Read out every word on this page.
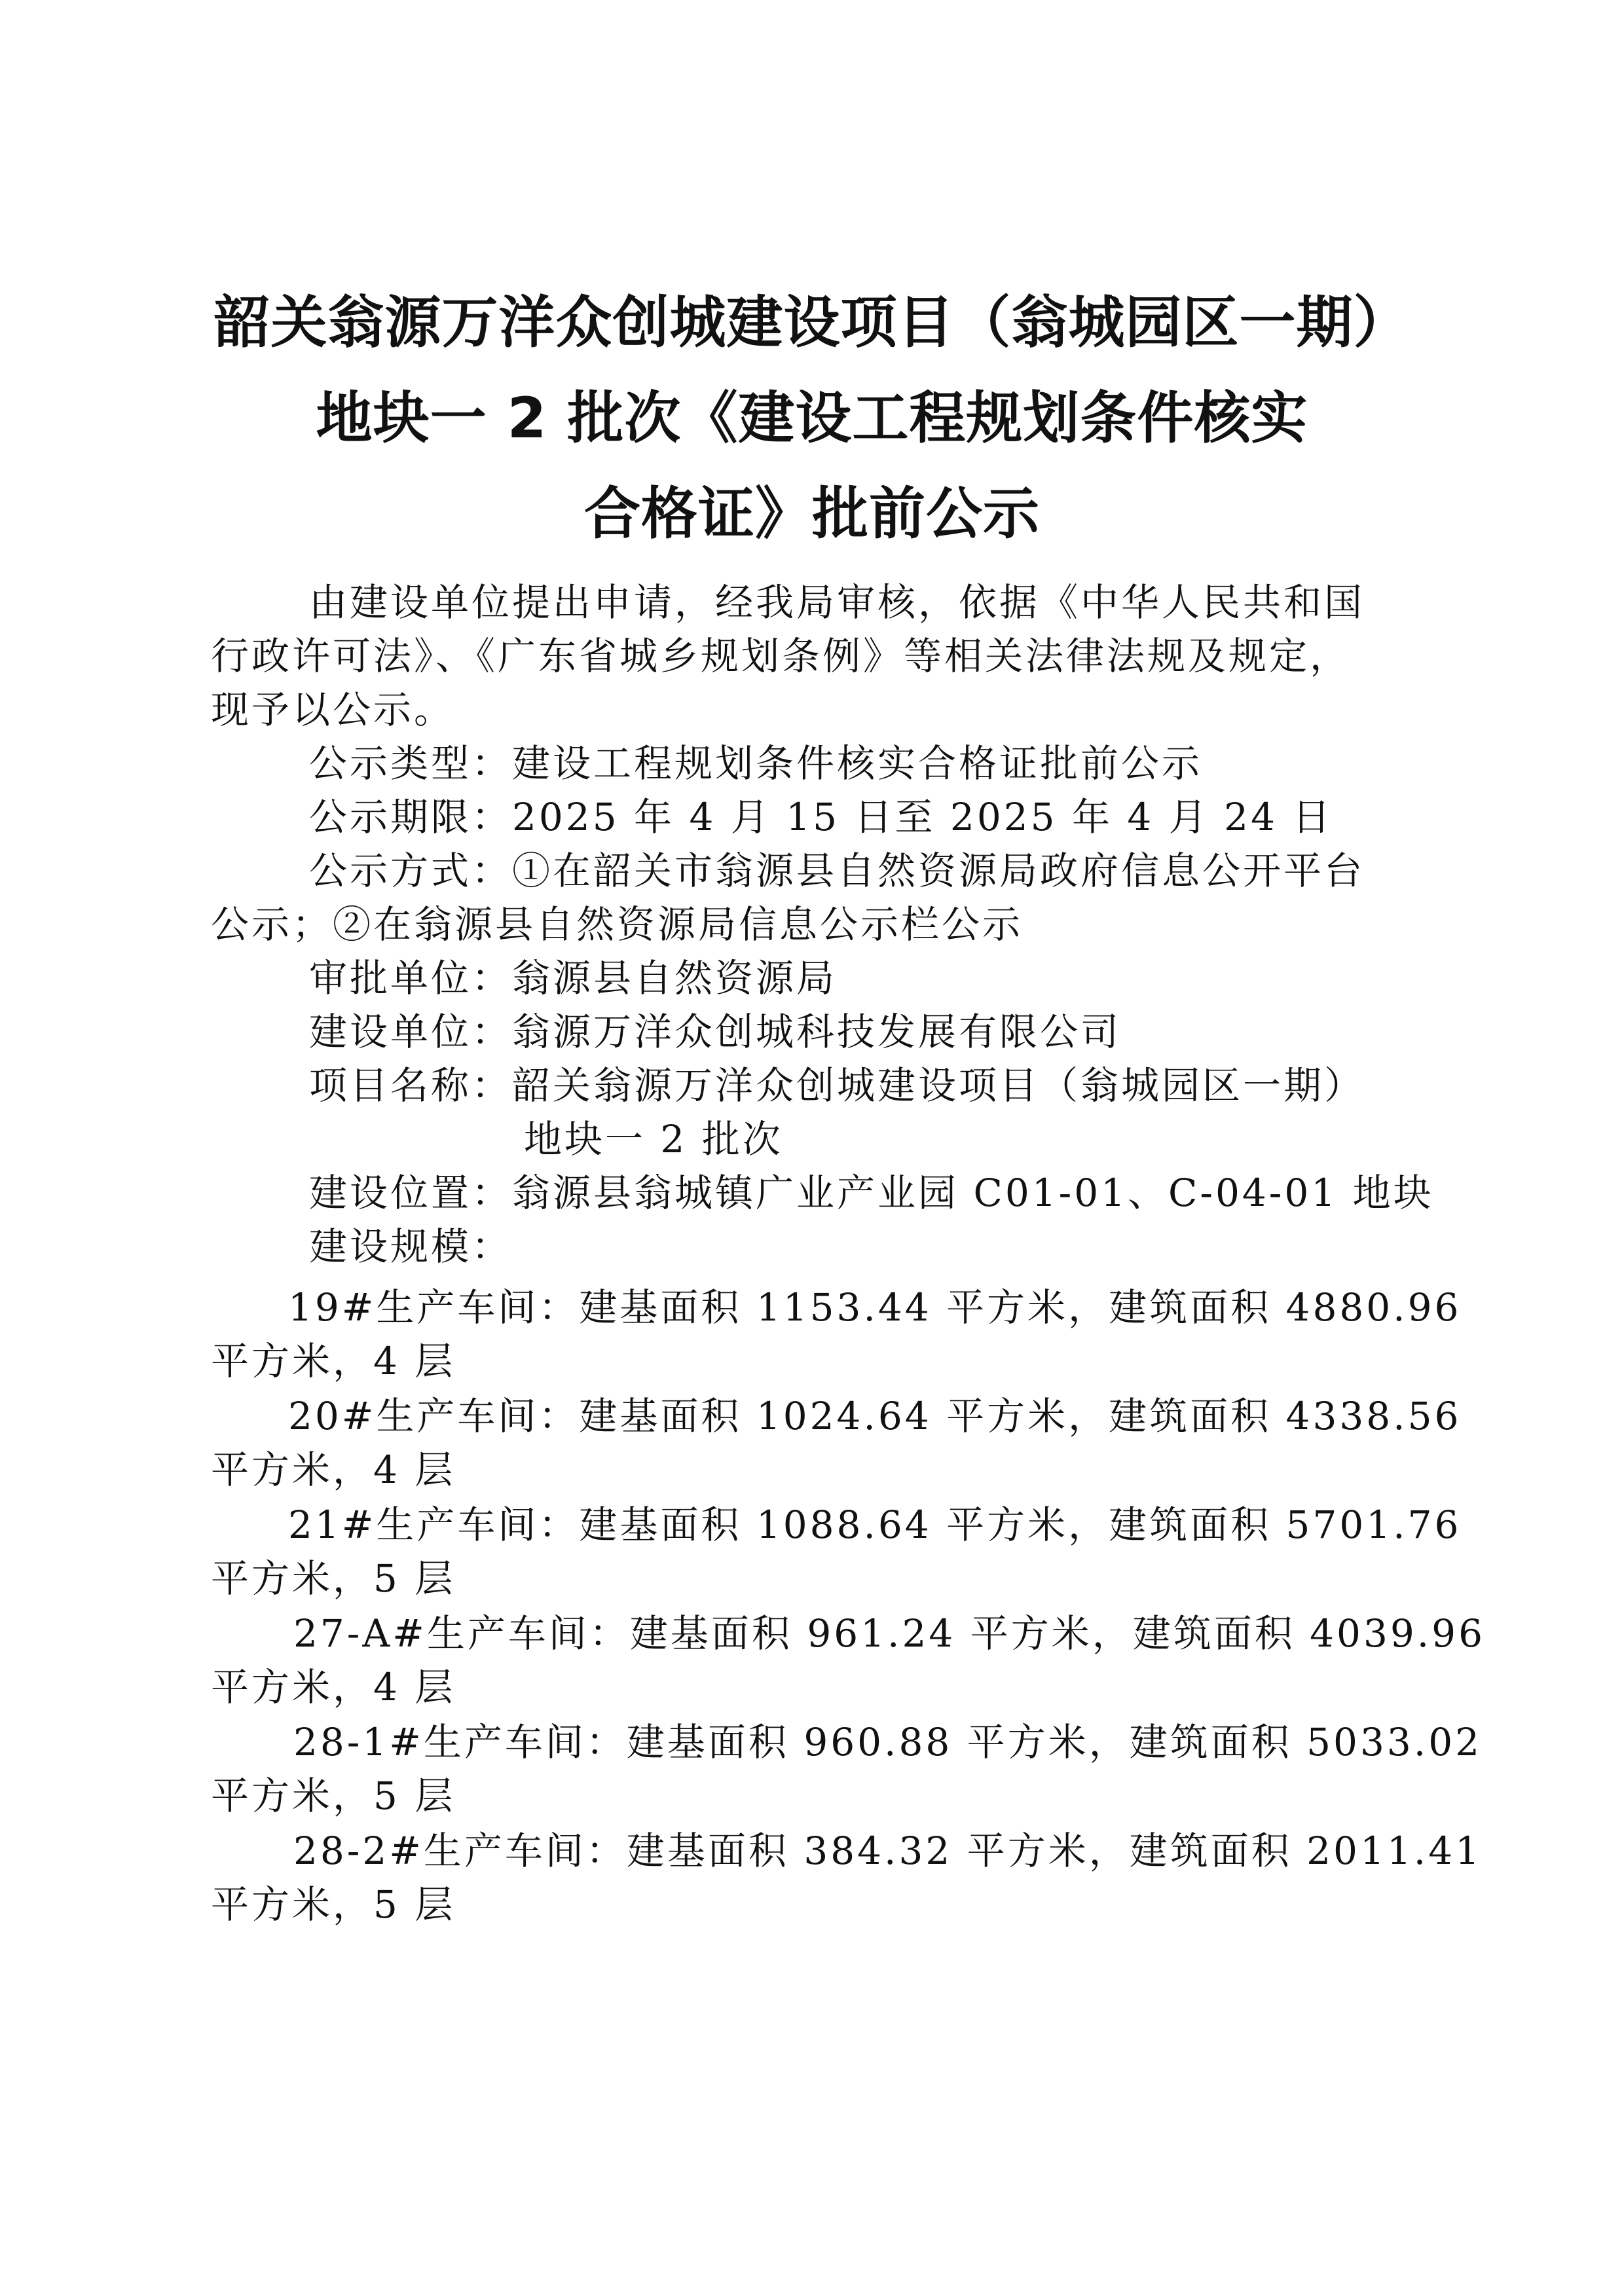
韶关翁源万洋众创城建设项目（翁城园区一期）
地块一 2 批次《建设工程规划条件核实
合格证》批前公示
由建设单位提出申请，经我局审核，依据《中华人民共和国
行政许可法》、《广东省城乡规划条例》等相关法律法规及规定，
现予以公示。
公示类型：建设工程规划条件核实合格证批前公示
公示期限：2025 年 4 月 15 日至 2025 年 4 月 24 日
公示方式：①在韶关市翁源县自然资源局政府信息公开平台
公示；②在翁源县自然资源局信息公示栏公示
审批单位：翁源县自然资源局
建设单位：翁源万洋众创城科技发展有限公司
项目名称：韶关翁源万洋众创城建设项目（翁城园区一期）
地块一 2 批次
建设位置：翁源县翁城镇广业产业园 C01-01、C-04-01 地块
建设规模：
19#生产车间：建基面积 1153.44 平方米，建筑面积 4880.96
平方米，4 层
20#生产车间：建基面积 1024.64 平方米，建筑面积 4338.56
平方米，4 层
21#生产车间：建基面积 1088.64 平方米，建筑面积 5701.76
平方米，5 层
27-A#生产车间：建基面积 961.24 平方米，建筑面积 4039.96
平方米，4 层
28-1#生产车间：建基面积 960.88 平方米，建筑面积 5033.02
平方米，5 层
28-2#生产车间：建基面积 384.32 平方米，建筑面积 2011.41
平方米，5 层
